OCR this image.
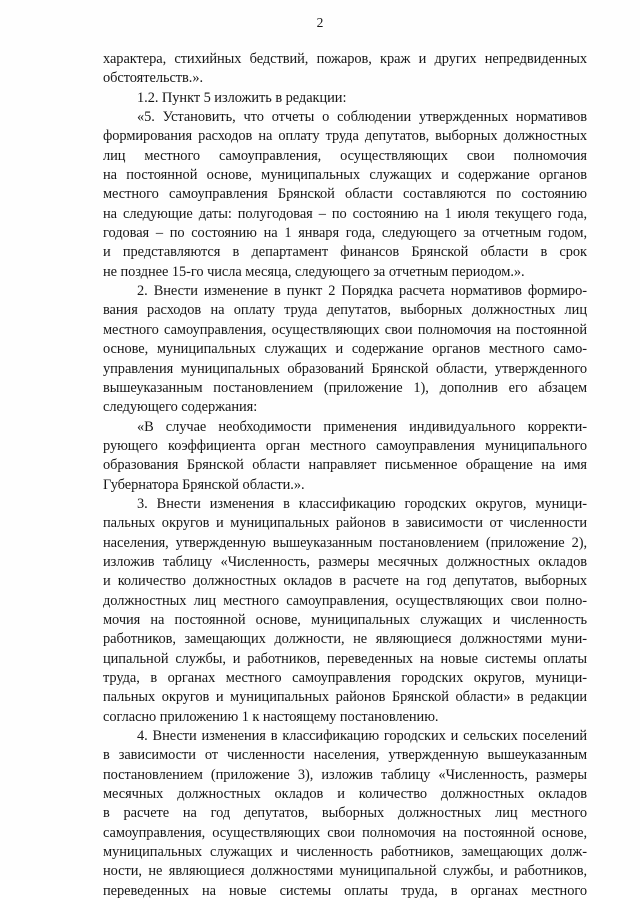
2
характера, стихийных бедствий, пожаров, краж и других непредвиденных
обстоятельств.».
1.2. Пункт 5 изложить в редакции:
«5. Установить, что отчеты о соблюдении утвержденных нормативов
формирования расходов на оплату труда депутатов, выборных должностных
лиц местного самоуправления, осуществляющих свои полномочия
на постоянной основе, муниципальных служащих и содержание органов
местного самоуправления Брянской области составляются по состоянию
на следующие даты: полугодовая – по состоянию на 1 июля текущего года,
годовая – по состоянию на 1 января года, следующего за отчетным годом,
и представляются в департамент финансов Брянской области в срок
не позднее 15-го числа месяца, следующего за отчетным периодом.».
2. Внести изменение в пункт 2 Порядка расчета нормативов формиро-
вания расходов на оплату труда депутатов, выборных должностных лиц
местного самоуправления, осуществляющих свои полномочия на постоянной
основе, муниципальных служащих и содержание органов местного само-
управления муниципальных образований Брянской области, утвержденного
вышеуказанным постановлением (приложение 1), дополнив его абзацем
следующего содержания:
«В случае необходимости применения индивидуального корректи-
рующего коэффициента орган местного самоуправления муниципального
образования Брянской области направляет письменное обращение на имя
Губернатора Брянской области.».
3. Внести изменения в классификацию городских округов, муници-
пальных округов и муниципальных районов в зависимости от численности
населения, утвержденную вышеуказанным постановлением (приложение 2),
изложив таблицу «Численность, размеры месячных должностных окладов
и количество должностных окладов в расчете на год депутатов, выборных
должностных лиц местного самоуправления, осуществляющих свои полно-
мочия на постоянной основе, муниципальных служащих и численность
работников, замещающих должности, не являющиеся должностями муни-
ципальной службы, и работников, переведенных на новые системы оплаты
труда, в органах местного самоуправления городских округов, муници-
пальных округов и муниципальных районов Брянской области» в редакции
согласно приложению 1 к настоящему постановлению.
4. Внести изменения в классификацию городских и сельских поселений
в зависимости от численности населения, утвержденную вышеуказанным
постановлением (приложение 3), изложив таблицу «Численность, размеры
месячных должностных окладов и количество должностных окладов
в расчете на год депутатов, выборных должностных лиц местного
самоуправления, осуществляющих свои полномочия на постоянной основе,
муниципальных служащих и численность работников, замещающих долж-
ности, не являющиеся должностями муниципальной службы, и работников,
переведенных на новые системы оплаты труда, в органах местного
